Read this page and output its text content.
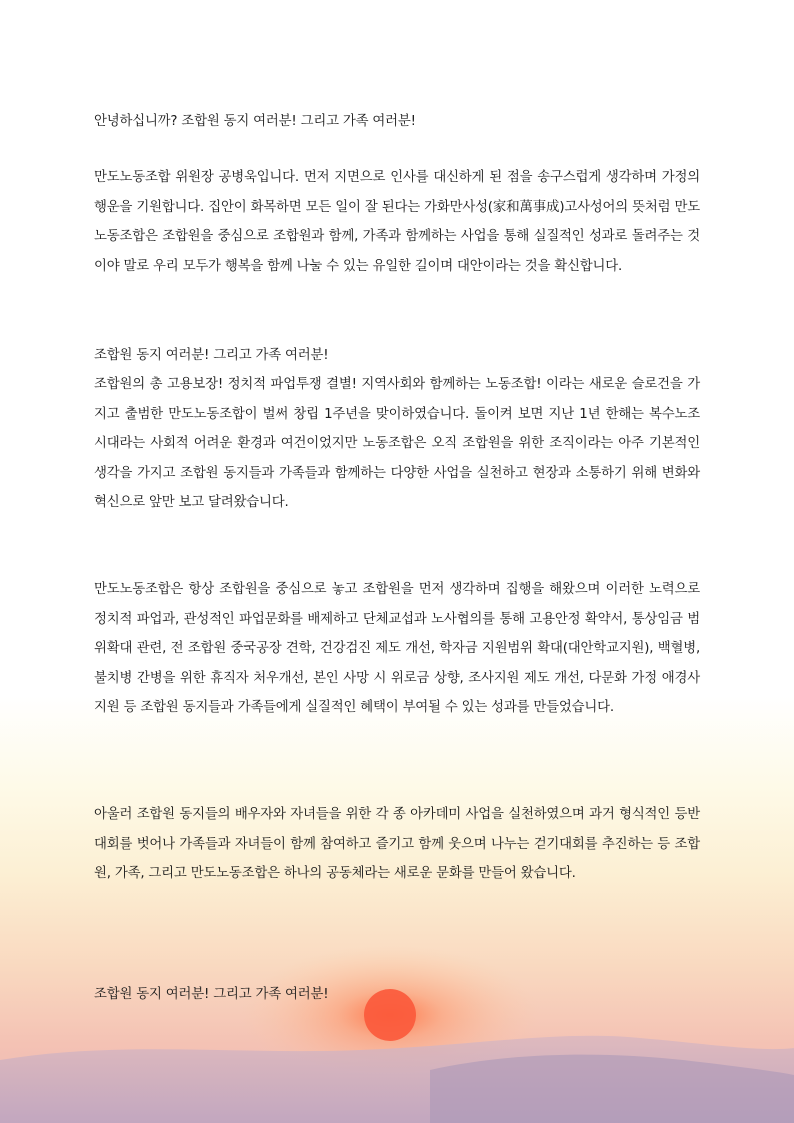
안녕하십니까? 조합원 동지 여러분! 그리고 가족 여러분!

만도노동조합 위원장 공병욱입니다. 먼저 지면으로 인사를 대신하게 된 점을 송구스럽게 생각하며 가정의 행운을 기원합니다. 집안이 화목하면 모든 일이 잘 된다는 가화만사성(家和萬事成)고사성어의 뜻처럼 만도노동조합은 조합원을 중심으로 조합원과 함께, 가족과 함께하는 사업을 통해 실질적인 성과로 돌려주는 것이야 말로 우리 모두가 행복을 함께 나눌 수 있는 유일한 길이며 대안이라는 것을 확신합니다.

조합원 동지 여러분! 그리고 가족 여러분!

조합원의 총 고용보장! 정치적 파업투쟁 결별! 지역사회와 함께하는 노동조합! 이라는 새로운 슬로건을 가지고 출범한 만도노동조합이 벌써 창립 1주년을 맞이하였습니다. 돌이켜 보면 지난 1년 한해는 복수노조 시대라는 사회적 어려운 환경과 여건이었지만 노동조합은 오직 조합원을 위한 조직이라는 아주 기본적인 생각을 가지고 조합원 동지들과 가족들과 함께하는 다양한 사업을 실천하고 현장과 소통하기 위해 변화와 혁신으로 앞만 보고 달려왔습니다.

만도노동조합은 항상 조합원을 중심으로 놓고 조합원을 먼저 생각하며 집행을 해왔으며 이러한 노력으로 정치적 파업과, 관성적인 파업문화를 배제하고 단체교섭과 노사협의를 통해 고용안정 확약서, 통상임금 범위확대 관련, 전 조합원 중국공장 견학, 건강검진 제도 개선, 학자금 지원범위 확대(대안학교지원), 백혈병, 불치병 간병을 위한 휴직자 처우개선, 본인 사망 시 위로금 상향, 조사지원 제도 개선, 다문화 가정 애경사 지원 등 조합원 동지들과 가족들에게 실질적인 혜택이 부여될 수 있는 성과를 만들었습니다.

아울러 조합원 동지들의 배우자와 자녀들을 위한 각 종 아카데미 사업을 실천하였으며 과거 형식적인 등반대회를 벗어나 가족들과 자녀들이 함께 참여하고 즐기고 함께 웃으며 나누는 걷기대회를 추진하는 등 조합원, 가족, 그리고 만도노동조합은 하나의 공동체라는 새로운 문화를 만들어 왔습니다.

조합원 동지 여러분! 그리고 가족 여러분!
